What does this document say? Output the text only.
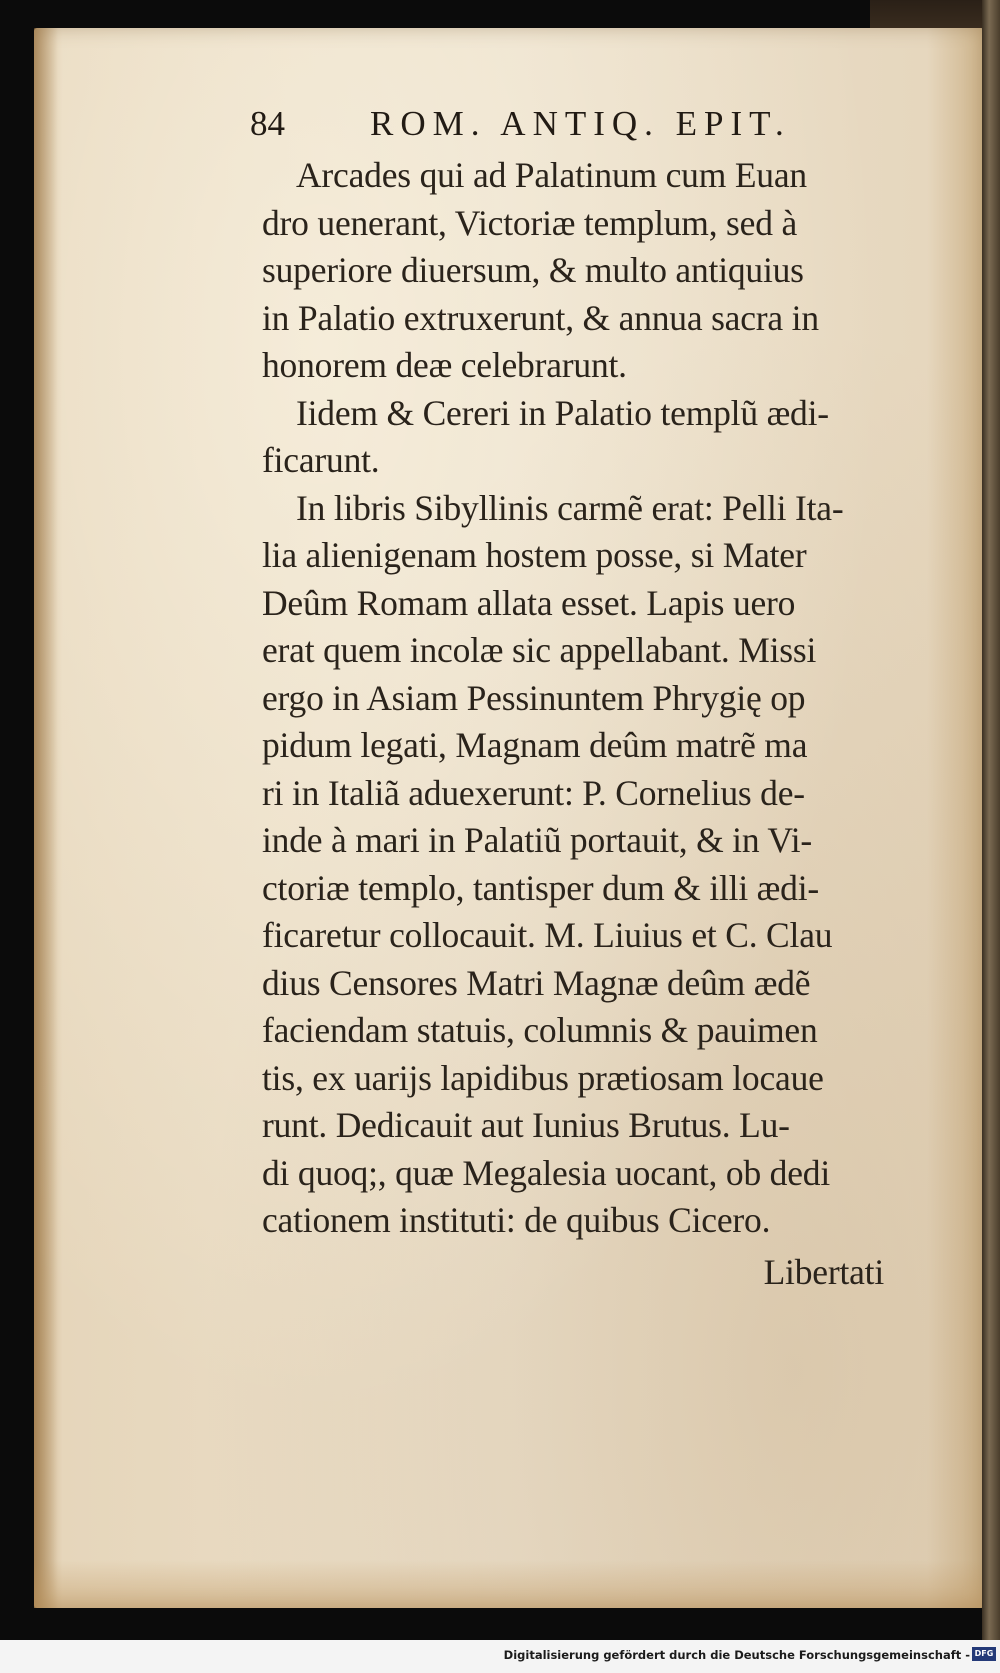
84 ROM. ANTIQ. EPIT.
Arcades qui ad Palatinum cum Euan
dro uenerant, Victoriæ templum, sed à
superiore diuersum, & multo antiquius
in Palatio extruxerunt, & annua sacra in
honorem deæ celebrarunt.
Iidem & Cereri in Palatio templũ ædi-
ficarunt.
In libris Sibyllinis carmẽ erat: Pelli Ita-
lia alienigenam hostem posse, si Mater
Deûm Romam allata esset. Lapis uero
erat quem incolæ sic appellabant. Missi
ergo in Asiam Pessinuntem Phrygię op
pidum legati, Magnam deûm matrẽ ma
ri in Italiã aduexerunt: P. Cornelius de-
inde à mari in Palatiũ portauit, & in Vi-
ctoriæ templo, tantisper dum & illi ædi-
ficaretur collocauit. M. Liuius et C. Clau
dius Censores Matri Magnæ deûm ædẽ
faciendam statuis, columnis & pauimen
tis, ex uarijs lapidibus prætiosam locaue
runt. Dedicauit aut Iunius Brutus. Lu-
di quoq;, quæ Megalesia uocant, ob dedi
cationem instituti: de quibus Cicero.
Libertati
Digitalisierung gefördert durch die Deutsche Forschungsgemeinschaft - DFG
